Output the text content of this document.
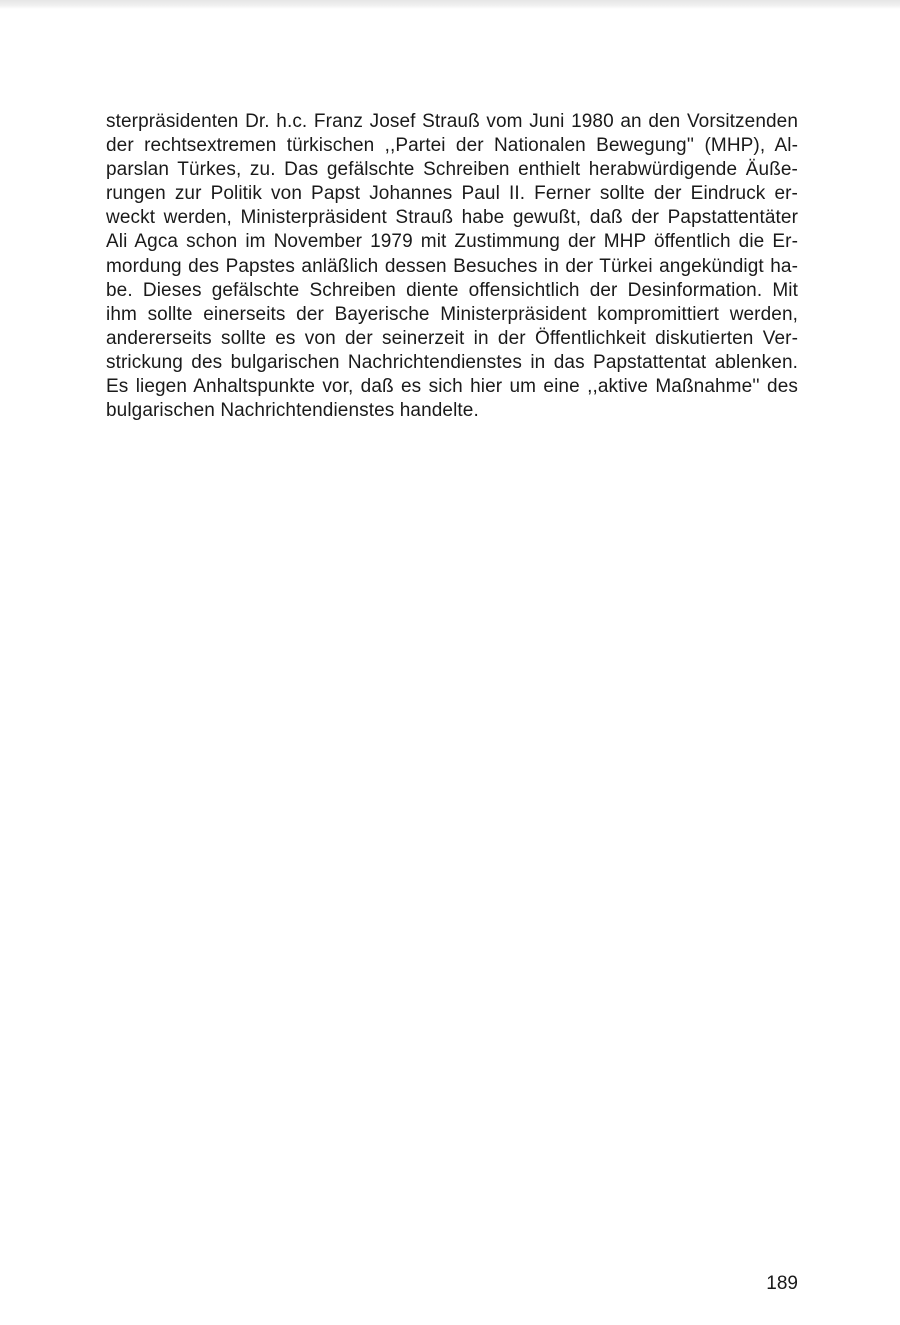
sterpräsidenten Dr. h.c. Franz Josef Strauß vom Juni 1980 an den Vorsitzenden
der rechtsextremen türkischen ,,Partei der Nationalen Bewegung'' (MHP), Al-
parslan Türkes, zu. Das gefälschte Schreiben enthielt herabwürdigende Äuße-
rungen zur Politik von Papst Johannes Paul II. Ferner sollte der Eindruck er-
weckt werden, Ministerpräsident Strauß habe gewußt, daß der Papstattentäter
Ali Agca schon im November 1979 mit Zustimmung der MHP öffentlich die Er-
mordung des Papstes anläßlich dessen Besuches in der Türkei angekündigt ha-
be. Dieses gefälschte Schreiben diente offensichtlich der Desinformation. Mit
ihm sollte einerseits der Bayerische Ministerpräsident kompromittiert werden,
andererseits sollte es von der seinerzeit in der Öffentlichkeit diskutierten Ver-
strickung des bulgarischen Nachrichtendienstes in das Papstattentat ablenken.
Es liegen Anhaltspunkte vor, daß es sich hier um eine ,,aktive Maßnahme'' des
bulgarischen Nachrichtendienstes handelte.
189
